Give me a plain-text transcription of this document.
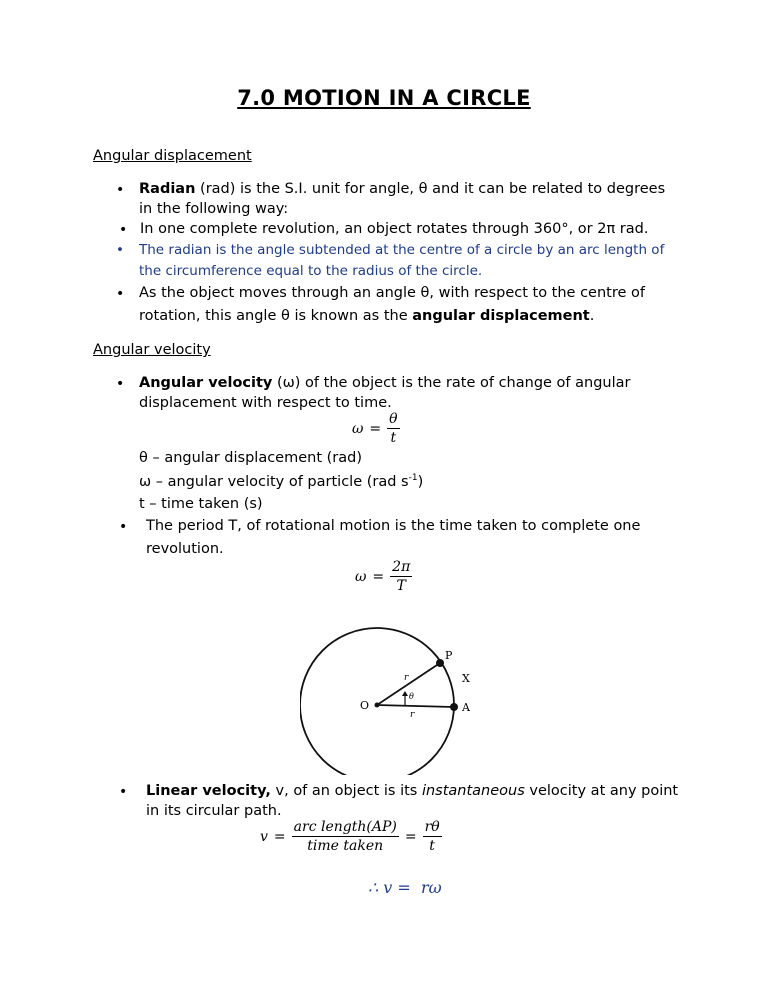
7.0 MOTION IN A CIRCLE
Angular displacement
• Radian (rad) is the S.I. unit for angle, θ and it can be related to degrees
in the following way:
• In one complete revolution, an object rotates through 360°, or 2π rad.
• The radian is the angle subtended at the centre of a circle by an arc length of
the circumference equal to the radius of the circle.
• As the object moves through an angle θ, with respect to the centre of
rotation, this angle θ is known as the angular displacement.
Angular velocity
• Angular velocity (ω) of the object is the rate of change of angular
displacement with respect to time.
$\omega = \frac{\theta}{t}$
θ – angular displacement (rad)
ω – angular velocity of particle (rad $s^{-1}$)
t – time taken (s)
• The period T, of rotational motion is the time taken to complete one
revolution.
$\omega = \frac{2\pi}{T}$
O
P
A
X
r
r
θ
• Linear velocity, v, of an object is its instantaneous velocity at any point
in its circular path.
$v = \frac{\text{arc length(AP)}}{\text{time taken}} = \frac{r\theta}{t}$
∴ v =  rω
